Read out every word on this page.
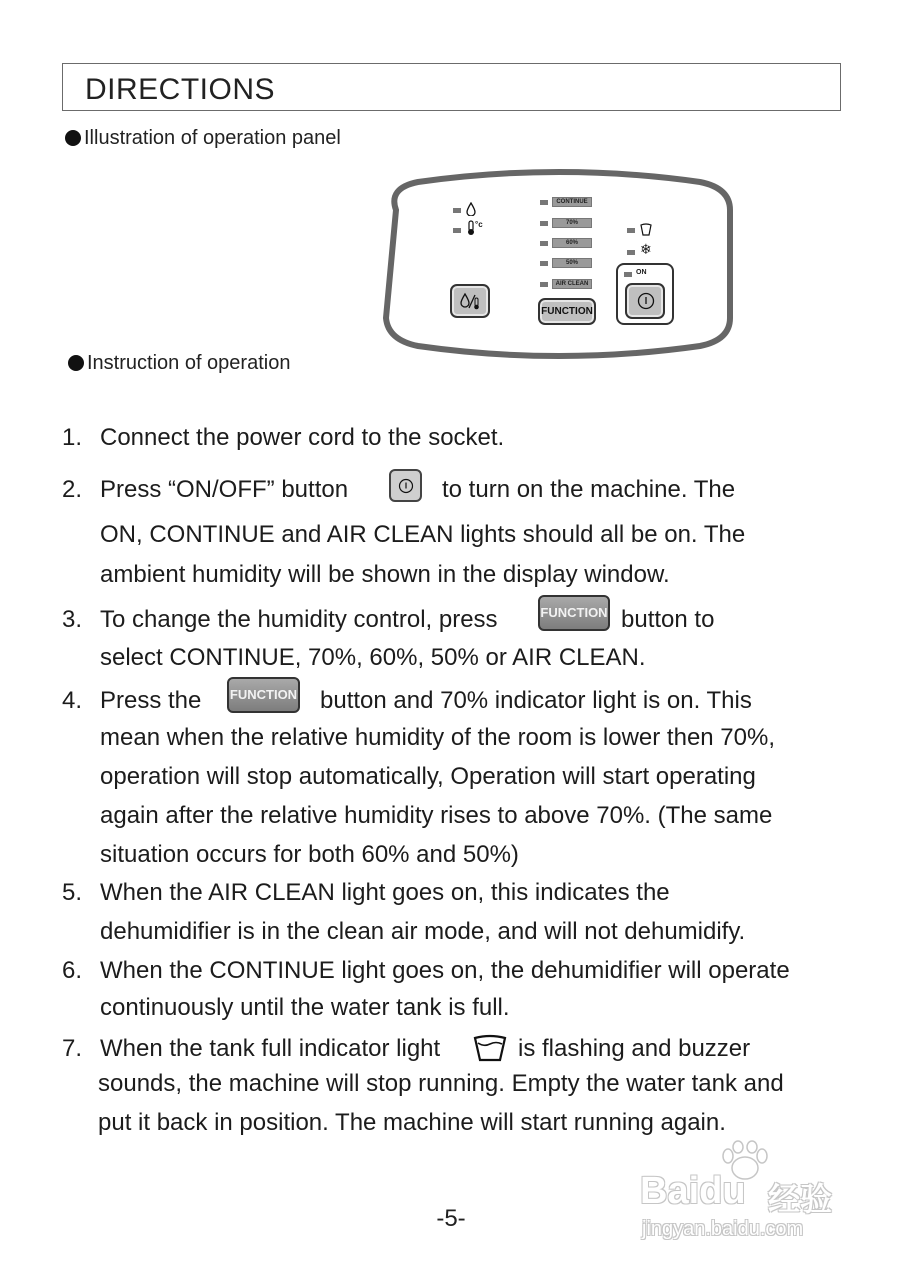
DIRECTIONS
Illustration of operation panel
°c
CONTINUE
70%
60%
50%
AIR CLEAN
FUNCTION
❄
ON
Instruction of operation
1. Connect the power cord to the socket.
2. Press “ON/OFF” button	to turn on the machine. The
ON, CONTINUE and AIR CLEAN lights should all be on. The
ambient humidity will be shown in the display window.
3. To change the humidity control, press	FUNCTION button to
select CONTINUE, 70%, 60%, 50% or AIR CLEAN.
4. Press the FUNCTION button and 70% indicator light is on. This
mean when the relative humidity of the room is lower then 70%,
operation will stop automatically, Operation will start operating
again after the relative humidity rises to above 70%. (The same
situation occurs for both 60% and 50%)
5. When the AIR CLEAN light goes on, this indicates the
dehumidifier is in the clean air mode, and will not dehumidify.
6. When the CONTINUE light goes on, the dehumidifier will operate
continuously until the water tank is full.
7. When the tank full indicator light	is flashing and buzzer
sounds, the machine will stop running. Empty the water tank and
put it back in position. The machine will start running again.
-5-
Baidu 经验
jingyan.baidu.com
